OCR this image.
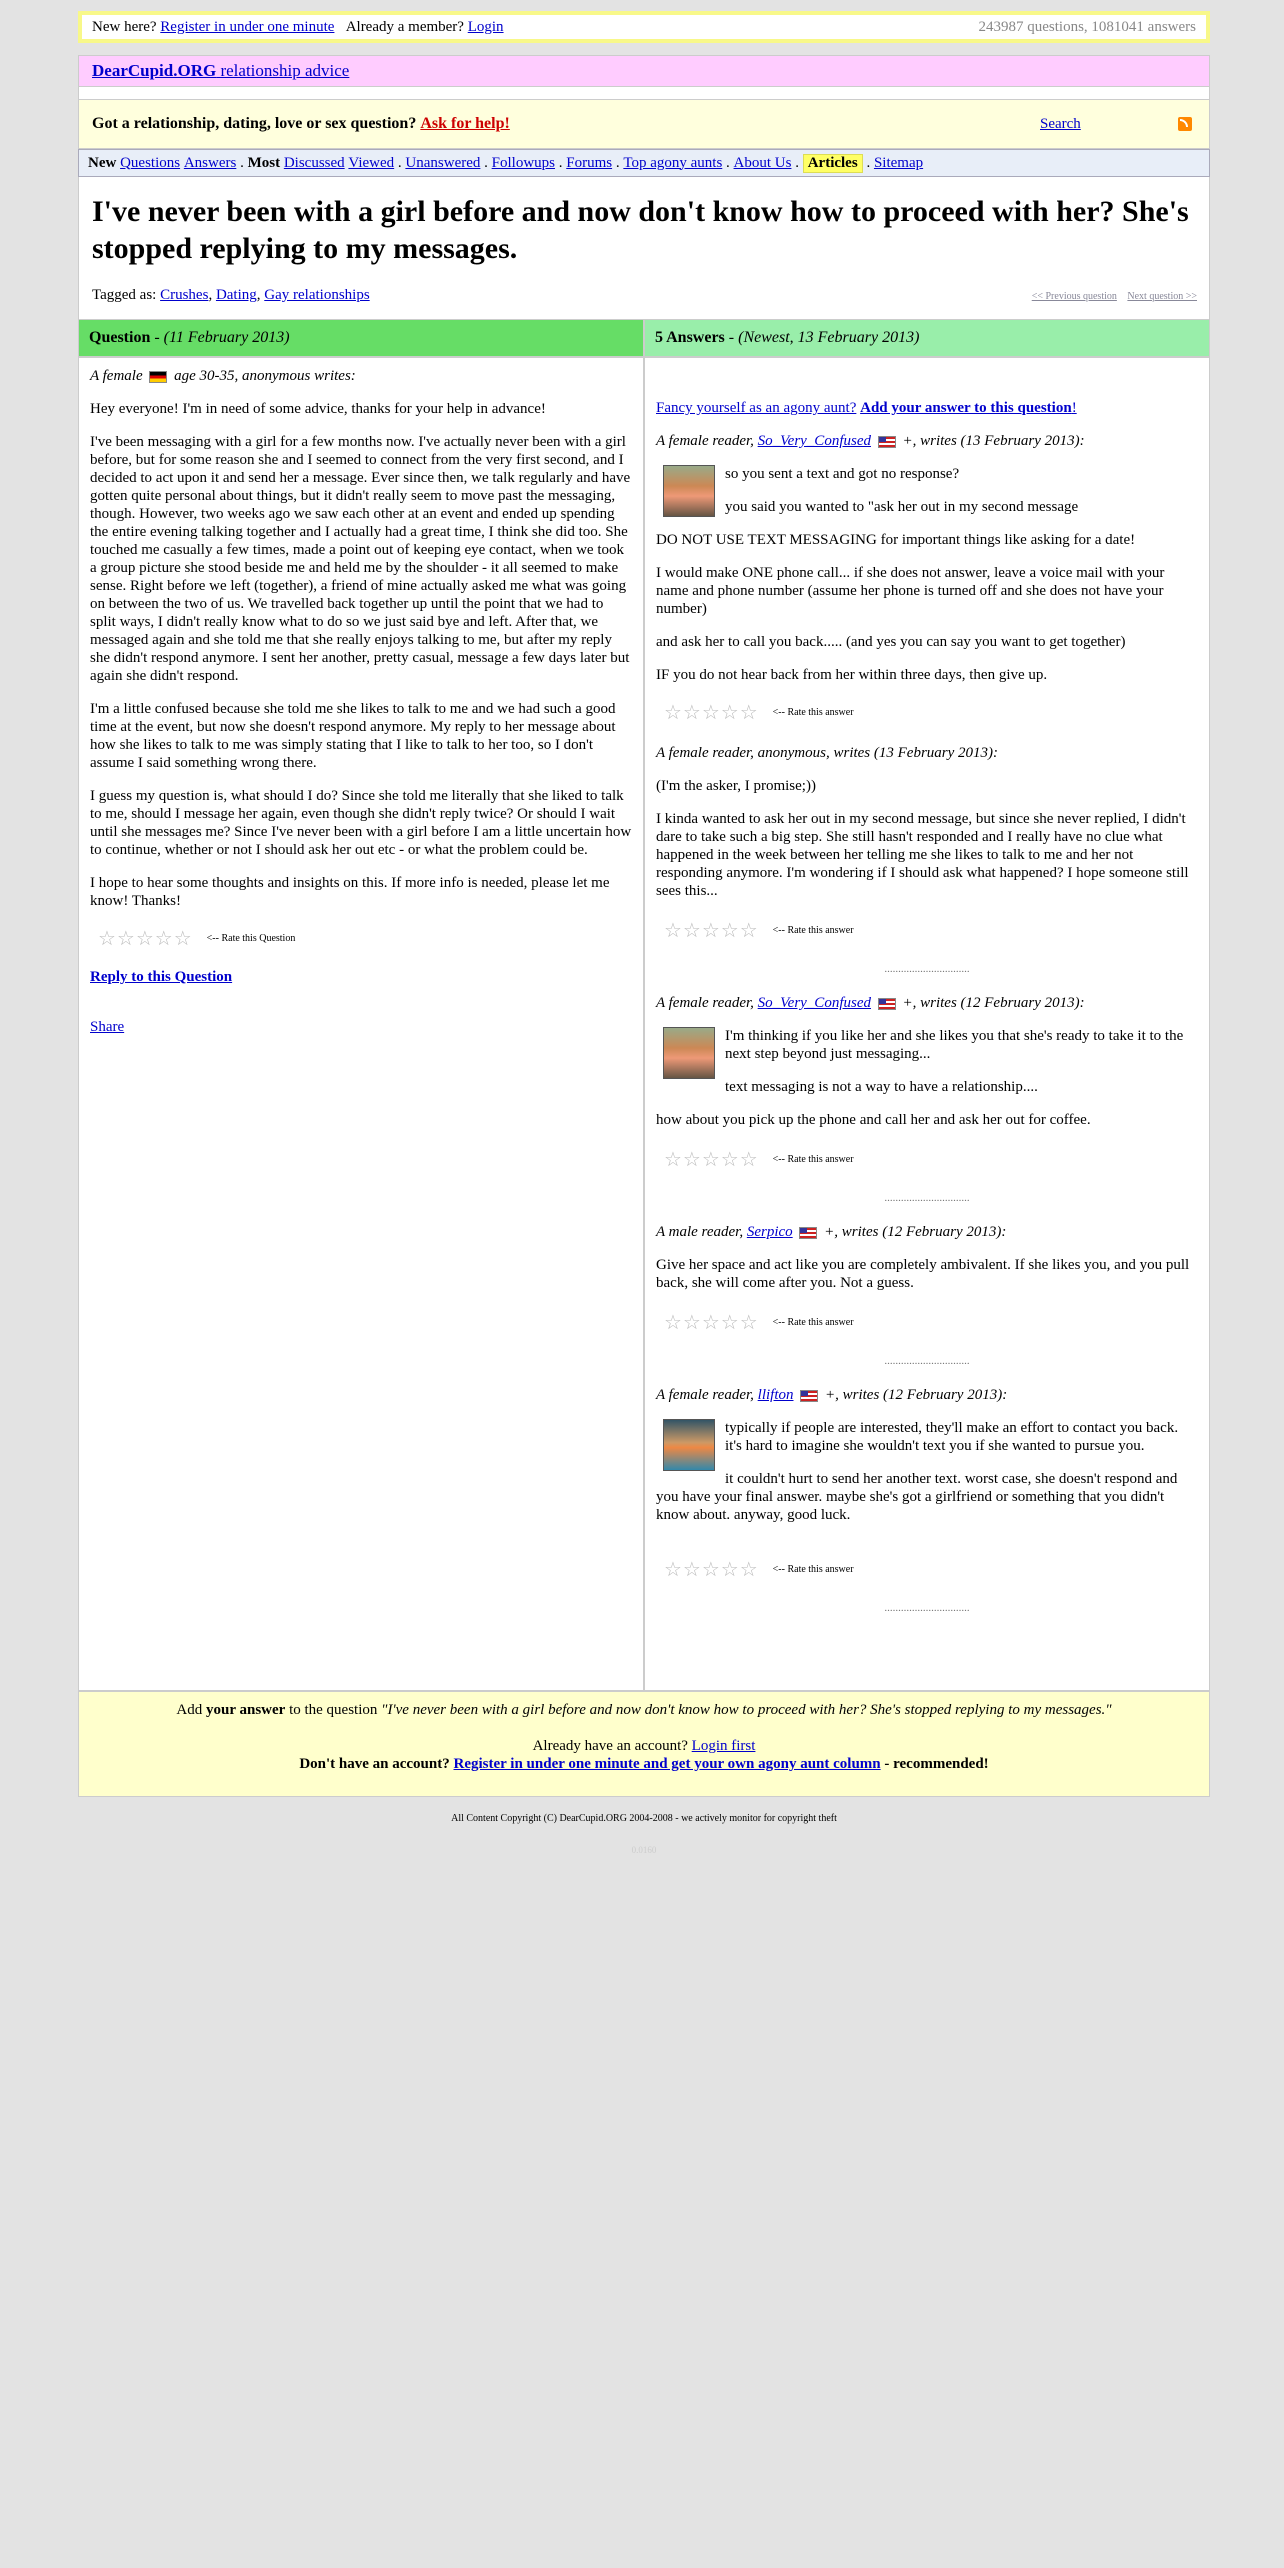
New here?
Register in under one minute
Already a member?
Login	243987 questions, 1081041 answers
DearCupid.ORG relationship advice
Got a relationship, dating, love or sex question?
Ask for help!	Search
New
Questions
Answers . Most
Discussed
Viewed . Unanswered . Followups . Forums . Top agony aunts . About Us . Articles . Sitemap
I've never been with a girl before and now don't know how to proceed with her? She's stopped replying to my messages.
Tagged as: Crushes, Dating, Gay relationships	<< Previous question Next question >>
Question
- (11 February 2013)	5 Answers
- (Newest, 13 February 2013)

A female age 30-35, anonymous writes:

Hey everyone! I'm in need of some advice, thanks for your help in advance!

I've been messaging with a girl for a few months now. I've actually never been with a girl before, but for some reason she and I seemed to connect from the very first second, and I decided to act upon it and send her a message. Ever since then, we talk regularly and have gotten quite personal about things, but it didn't really seem to move past the messaging, though. However, two weeks ago we saw each other at an event and ended up spending the entire evening talking together and I actually had a great time, I think she did too. She touched me casually a few times, made a point out of keeping eye contact, when we took a group picture she stood beside me and held me by the shoulder - it all seemed to make sense. Right before we left (together), a friend of mine actually asked me what was going on between the two of us. We travelled back together up until the point that we had to split ways, I didn't really know what to do so we just said bye and left. After that, we messaged again and she told me that she really enjoys talking to me, but after my reply she didn't respond anymore. I sent her another, pretty casual, message a few days later but again she didn't respond.

I'm a little confused because she told me she likes to talk to me and we had such a good time at the event, but now she doesn't respond anymore. My reply to her message about how she likes to talk to me was simply stating that I like to talk to her too, so I don't assume I said something wrong there.

I guess my question is, what should I do? Since she told me literally that she liked to talk to me, should I message her again, even though she didn't reply twice? Or should I wait until she messages me? Since I've never been with a girl before I am a little uncertain how to continue, whether or not I should ask her out etc - or what the problem could be.

I hope to hear some thoughts and insights on this. If more info is needed, please let me know! Thanks!

☆☆☆☆☆ <-- Rate this Question

Reply to this Question

Share

Fancy yourself as an agony aunt? Add your answer to this question!

A female reader, So_Very_Confused +, writes (13 February 2013):

so you sent a text and got no response?

you said you wanted to "ask her out in my second message

DO NOT USE TEXT MESSAGING for important things like asking for a date!

I would make ONE phone call... if she does not answer, leave a voice mail with your name and phone number (assume her phone is turned off and she does not have your number)

and ask her to call you back..... (and yes you can say you want to get together)

IF you do not hear back from her within three days, then give up.

☆☆☆☆☆ <-- Rate this answer

A female reader, anonymous, writes (13 February 2013):

(I'm the asker, I promise;))

I kinda wanted to ask her out in my second message, but since she never replied, I didn't dare to take such a big step. She still hasn't responded and I really have no clue what happened in the week between her telling me she likes to talk to me and her not responding anymore. I'm wondering if I should ask what happened? I hope someone still sees this...

☆☆☆☆☆ <-- Rate this answer
...............................

A female reader, So_Very_Confused +, writes (12 February 2013):

I'm thinking if you like her and she likes you that she's ready to take it to the next step beyond just messaging...

text messaging is not a way to have a relationship....

how about you pick up the phone and call her and ask her out for coffee.

☆☆☆☆☆ <-- Rate this answer
...............................

A male reader, Serpico +, writes (12 February 2013):

Give her space and act like you are completely ambivalent. If she likes you, and you pull back, she will come after you. Not a guess.

☆☆☆☆☆ <-- Rate this answer
...............................

A female reader, llifton +, writes (12 February 2013):

typically if people are interested, they'll make an effort to contact you back. it's hard to imagine she wouldn't text you if she wanted to pursue you.

it couldn't hurt to send her another text. worst case, she doesn't respond and you have your final answer. maybe she's got a girlfriend or something that you didn't know about. anyway, good luck.

☆☆☆☆☆ <-- Rate this answer
...............................
Add your answer to the question "I've never been with a girl before and now don't know how to proceed with her? She's stopped replying to my messages."
Already have an account? Login first
Don't have an account? Register in under one minute and get your own agony aunt column - recommended!
All Content Copyright (C) DearCupid.ORG 2004-2008 - we actively monitor for copyright theft
0.0160
